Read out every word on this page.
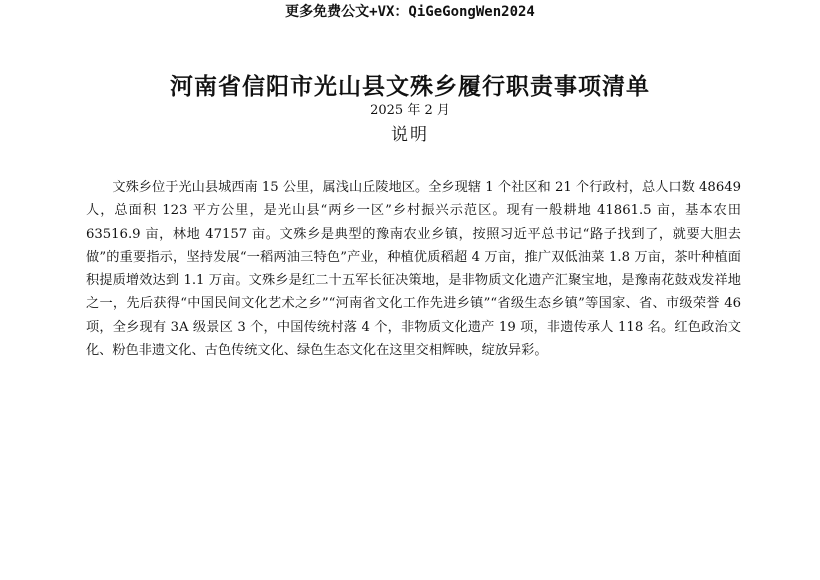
更多免费公文+VX：QiGeGongWen2024
河南省信阳市光山县文殊乡履行职责事项清单
2025 年 2 月
说明

文殊乡位于光山县城西南 15 公里，属浅山丘陵地区。全乡现辖 1 个社区和 21 个行政村，总人口数 48649 人，总面积 123 平方公里，是光山县“两乡一区”乡村振兴示范区。现有一般耕地 41861.5 亩，基本农田 63516.9 亩，林地 47157 亩。文殊乡是典型的豫南农业乡镇，按照习近平总书记“路子找到了，就要大胆去做”的重要指示，坚持发展“一稻两油三特色”产业，种植优质稻超 4 万亩，推广双低油菜 1.8 万亩，茶叶种植面积提质增效达到 1.1 万亩。文殊乡是红二十五军长征决策地，是非物质文化遗产汇聚宝地，是豫南花鼓戏发祥地之一，先后获得“中国民间文化艺术之乡”“河南省文化工作先进乡镇”“省级生态乡镇”等国家、省、市级荣誉 46 项，全乡现有 3A 级景区 3 个，中国传统村落 4 个，非物质文化遗产 19 项，非遗传承人 118 名。红色政治文化、粉色非遗文化、古色传统文化、绿色生态文化在这里交相辉映，绽放异彩。
